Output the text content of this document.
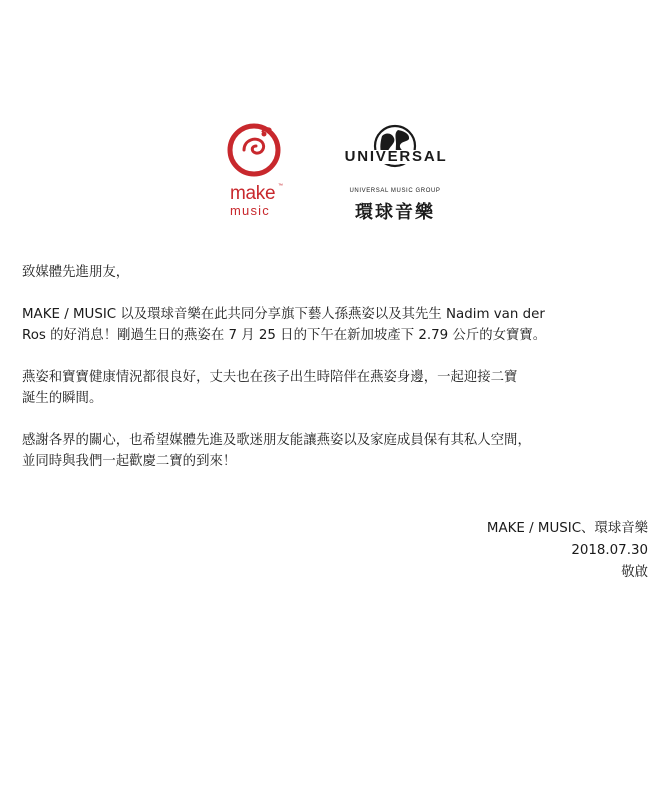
make ™
music
UNIVERSAL
UNIVERSAL MUSIC GROUP
環球音樂

致媒體先進朋友，

MAKE / MUSIC 以及環球音樂在此共同分享旗下藝人孫燕姿以及其先生 Nadim van der
Ros 的好消息！剛過生日的燕姿在 7 月 25 日的下午在新加坡產下 2.79 公斤的女寶寶。

燕姿和寶寶健康情況都很良好，丈夫也在孩子出生時陪伴在燕姿身邊，一起迎接二寶
誕生的瞬間。

感謝各界的關心，也希望媒體先進及歌迷朋友能讓燕姿以及家庭成員保有其私人空間，
並同時與我們一起歡慶二寶的到來！

MAKE / MUSIC、環球音樂
2018.07.30
敬啟
